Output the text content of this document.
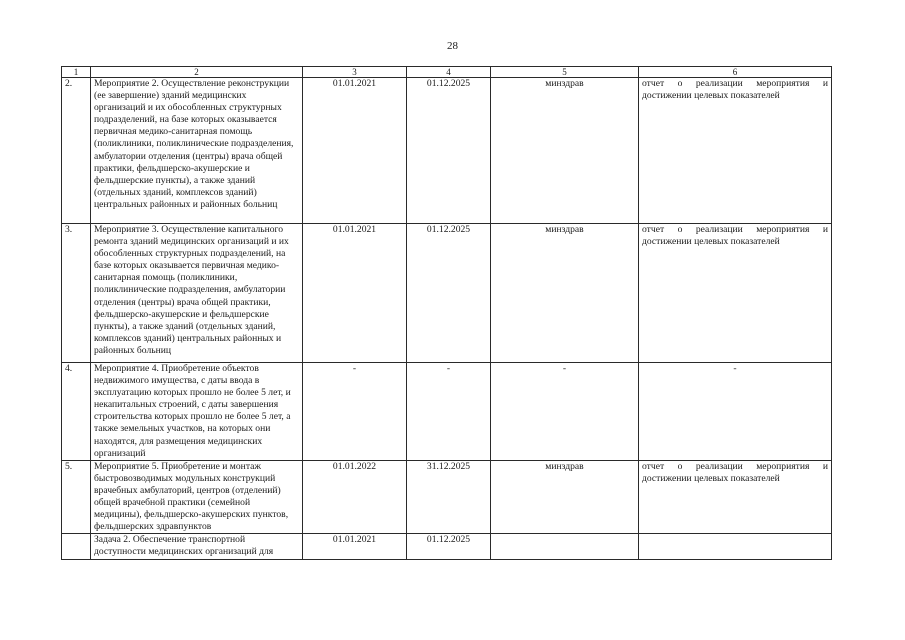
28
1	2	3	4	5	6
2.	Мероприятие 2. Осуществление реконструкции (ее завершение) зданий медицинских организаций и их обособленных структурных подразделений, на базе которых оказывается первичная медико-санитарная помощь (поликлиники, поликлинические подразделения, амбулатории отделения (центры) врача общей практики, фельдшерско-акушерские и фельдшерские пункты), а также зданий (отдельных зданий, комплексов зданий) центральных районных и районных больниц	01.01.2021	01.12.2025	минздрав	отчет о реализации мероприятия и достижении целевых показателей
3.	Мероприятие 3. Осуществление капитального ремонта зданий медицинских организаций и их обособленных структурных подразделений, на базе которых оказывается первичная медико-санитарная помощь (поликлиники, поликлинические подразделения, амбулатории отделения (центры) врача общей практики, фельдшерско-акушерские и фельдшерские пункты), а также зданий (отдельных зданий, комплексов зданий) центральных районных и районных больниц	01.01.2021	01.12.2025	минздрав	отчет о реализации мероприятия и достижении целевых показателей
4.	Мероприятие 4. Приобретение объектов недвижимого имущества, с даты ввода в эксплуатацию которых прошло не более 5 лет, и некапитальных строений, с даты завершения строительства которых прошло не более 5 лет, а также земельных участков, на которых они находятся, для размещения медицинских организаций	-	-	-	-
5.	Мероприятие 5. Приобретение и монтаж быстровозводимых модульных конструкций врачебных амбулаторий, центров (отделений) общей врачебной практики (семейной медицины), фельдшерско-акушерских пунктов, фельдшерских здравпунктов	01.01.2022	31.12.2025	минздрав	отчет о реализации мероприятия и достижении целевых показателей
	Задача 2. Обеспечение транспортной доступности медицинских организаций для	01.01.2021	01.12.2025		
